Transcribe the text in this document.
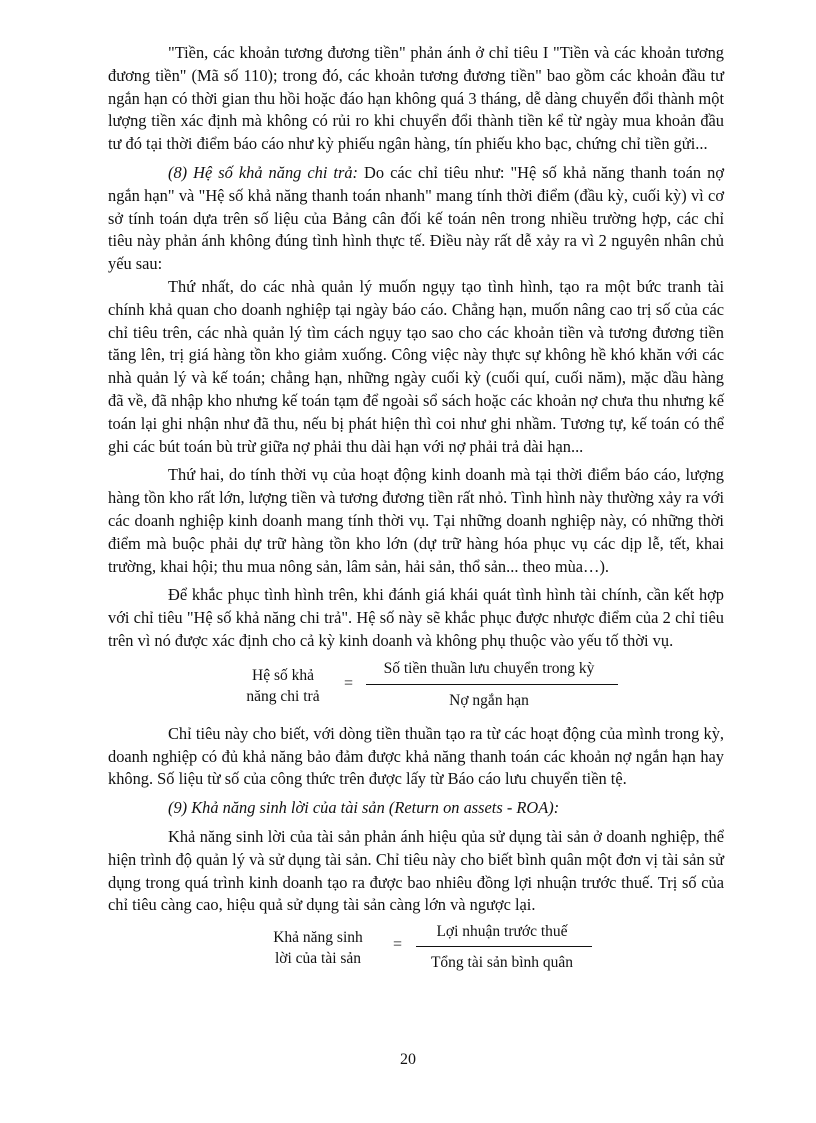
"Tiền, các khoản tương đương tiền" phản ánh ở chỉ tiêu I "Tiền và các khoản tương đương tiền" (Mã số 110); trong đó, các khoản tương đương tiền" bao gồm các khoản đầu tư ngắn hạn có thời gian thu hồi hoặc đáo hạn không quá 3 tháng, dễ dàng chuyển đổi thành một lượng tiền xác định mà không có rủi ro khi chuyển đổi thành tiền kể từ ngày mua khoản đầu tư đó tại thời điểm báo cáo như kỳ phiếu ngân hàng, tín phiếu kho bạc, chứng chỉ tiền gửi...

(8) Hệ số khả năng chi trả: Do các chỉ tiêu như: "Hệ số khả năng thanh toán nợ ngắn hạn" và "Hệ số khả năng thanh toán nhanh" mang tính thời điểm (đầu kỳ, cuối kỳ) vì cơ sở tính toán dựa trên số liệu của Bảng cân đối kế toán nên trong nhiều trường hợp, các chỉ tiêu này phản ánh không đúng tình hình thực tế. Điều này rất dễ xảy ra vì 2 nguyên nhân chủ yếu sau:

Thứ nhất, do các nhà quản lý muốn ngụy tạo tình hình, tạo ra một bức tranh tài chính khả quan cho doanh nghiệp tại ngày báo cáo. Chẳng hạn, muốn nâng cao trị số của các chỉ tiêu trên, các nhà quản lý tìm cách ngụy tạo sao cho các khoản tiền và tương đương tiền tăng lên, trị giá hàng tồn kho giảm xuống. Công việc này thực sự không hề khó khăn với các nhà quản lý và kế toán; chẳng hạn, những ngày cuối kỳ (cuối quí, cuối năm), mặc dầu hàng đã về, đã nhập kho nhưng kế toán tạm để ngoài sổ sách hoặc các khoản nợ chưa thu nhưng kế toán lại ghi nhận như đã thu, nếu bị phát hiện thì coi như ghi nhầm. Tương tự, kế toán có thể ghi các bút toán bù trừ giữa nợ phải thu dài hạn với nợ phải trả dài hạn...

Thứ hai, do tính thời vụ của hoạt động kinh doanh mà tại thời điểm báo cáo, lượng hàng tồn kho rất lớn, lượng tiền và tương đương tiền rất nhỏ. Tình hình này thường xảy ra với các doanh nghiệp kinh doanh mang tính thời vụ. Tại những doanh nghiệp này, có những thời điểm mà buộc phải dự trữ hàng tồn kho lớn (dự trữ hàng hóa phục vụ các dịp lễ, tết, khai trường, khai hội; thu mua nông sản, lâm sản, hải sản, thổ sản... theo mùa…).

Để khắc phục tình hình trên, khi đánh giá khái quát tình hình tài chính, cần kết hợp với chỉ tiêu "Hệ số khả năng chi trả". Hệ số này sẽ khắc phục được nhược điểm của 2 chỉ tiêu trên vì nó được xác định cho cả kỳ kinh doanh và không phụ thuộc vào yếu tố thời vụ.

Hệ số khả
năng chi trả
=
Số tiền thuần lưu chuyển trong kỳ
Nợ ngắn hạn

Chỉ tiêu này cho biết, với dòng tiền thuần tạo ra từ các hoạt động của mình trong kỳ, doanh nghiệp có đủ khả năng bảo đảm được khả năng thanh toán các khoản nợ ngắn hạn hay không. Số liệu từ số của công thức trên được lấy từ Báo cáo lưu chuyển tiền tệ.

(9) Khả năng sinh lời của tài sản (Return on assets - ROA):

Khả năng sinh lời của tài sản phản ánh hiệu qủa sử dụng tài sản ở doanh nghiệp, thể hiện trình độ quản lý và sử dụng tài sản. Chỉ tiêu này cho biết bình quân một đơn vị tài sản sử dụng trong quá trình kinh doanh tạo ra được bao nhiêu đồng lợi nhuận trước thuế. Trị số của chỉ tiêu càng cao, hiệu quả sử dụng tài sản càng lớn và ngược lại.

Khả năng sinh
lời của tài sản
=
Lợi nhuận trước thuế
Tổng tài sản bình quân
20
